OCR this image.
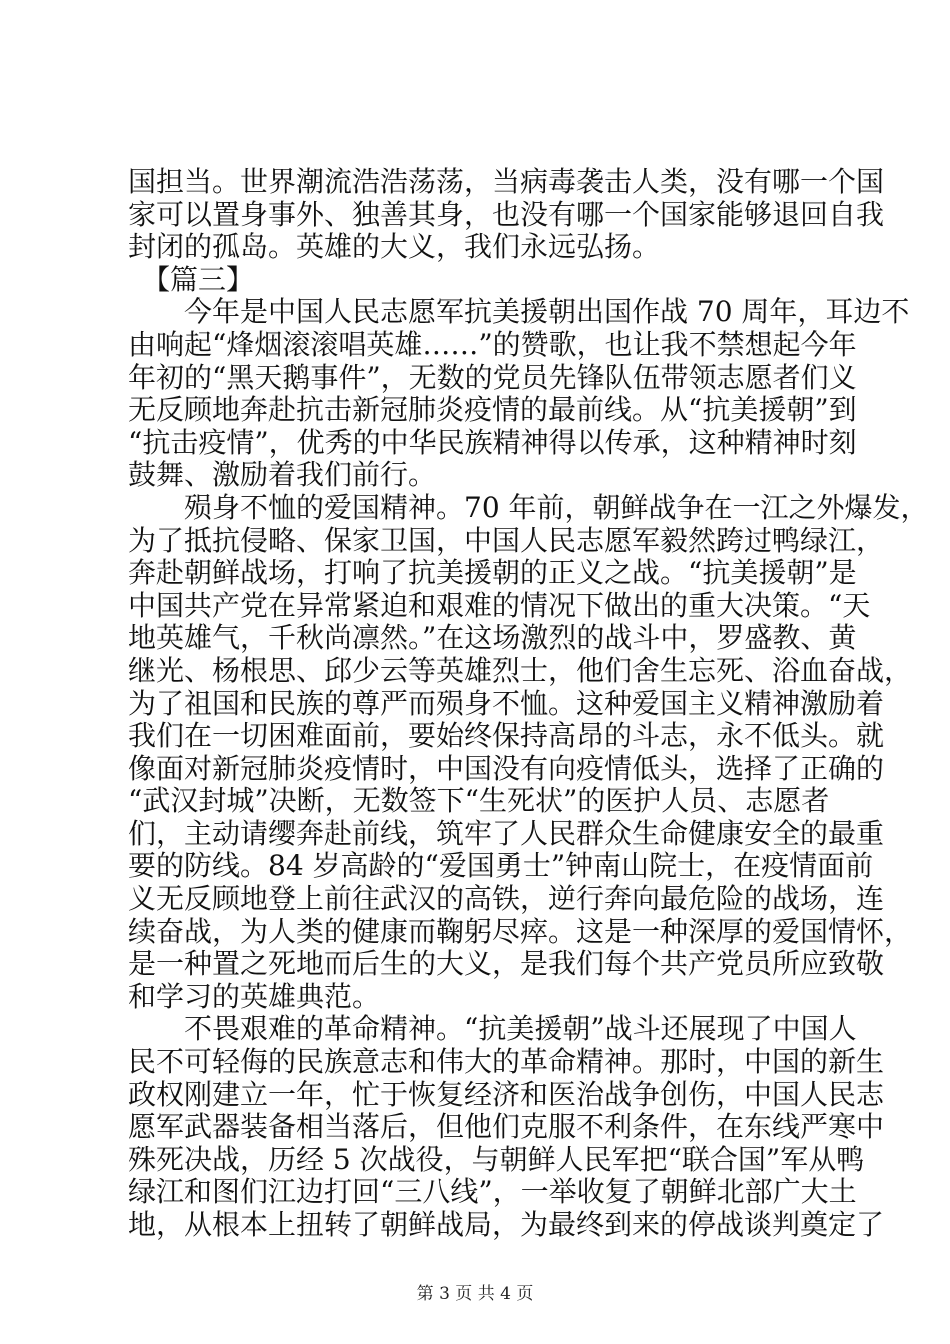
国担当。世界潮流浩浩荡荡，当病毒袭击人类，没有哪一个国
家可以置身事外、独善其身，也没有哪一个国家能够退回自我
封闭的孤岛。英雄的大义，我们永远弘扬。
【篇三】
今年是中国人民志愿军抗美援朝出国作战 70 周年，耳边不
由响起“烽烟滚滚唱英雄……”的赞歌，也让我不禁想起今年
年初的“黑天鹅事件”，无数的党员先锋队伍带领志愿者们义
无反顾地奔赴抗击新冠肺炎疫情的最前线。从“抗美援朝”到
“抗击疫情”，优秀的中华民族精神得以传承，这种精神时刻
鼓舞、激励着我们前行。
殒身不恤的爱国精神。70 年前，朝鲜战争在一江之外爆发，
为了抵抗侵略、保家卫国，中国人民志愿军毅然跨过鸭绿江，
奔赴朝鲜战场，打响了抗美援朝的正义之战。“抗美援朝”是
中国共产党在异常紧迫和艰难的情况下做出的重大决策。“天
地英雄气，千秋尚凛然。”在这场激烈的战斗中，罗盛教、黄
继光、杨根思、邱少云等英雄烈士，他们舍生忘死、浴血奋战，
为了祖国和民族的尊严而殒身不恤。这种爱国主义精神激励着
我们在一切困难面前，要始终保持高昂的斗志，永不低头。就
像面对新冠肺炎疫情时，中国没有向疫情低头，选择了正确的
“武汉封城”决断，无数签下“生死状”的医护人员、志愿者
们，主动请缨奔赴前线，筑牢了人民群众生命健康安全的最重
要的防线。84 岁高龄的“爱国勇士”钟南山院士，在疫情面前
义无反顾地登上前往武汉的高铁，逆行奔向最危险的战场，连
续奋战，为人类的健康而鞠躬尽瘁。这是一种深厚的爱国情怀，
是一种置之死地而后生的大义，是我们每个共产党员所应致敬
和学习的英雄典范。
不畏艰难的革命精神。“抗美援朝”战斗还展现了中国人
民不可轻侮的民族意志和伟大的革命精神。那时，中国的新生
政权刚建立一年，忙于恢复经济和医治战争创伤，中国人民志
愿军武器装备相当落后，但他们克服不利条件，在东线严寒中
殊死决战，历经 5 次战役，与朝鲜人民军把“联合国”军从鸭
绿江和图们江边打回“三八线”，一举收复了朝鲜北部广大土
地，从根本上扭转了朝鲜战局，为最终到来的停战谈判奠定了
第 3 页 共 4 页
